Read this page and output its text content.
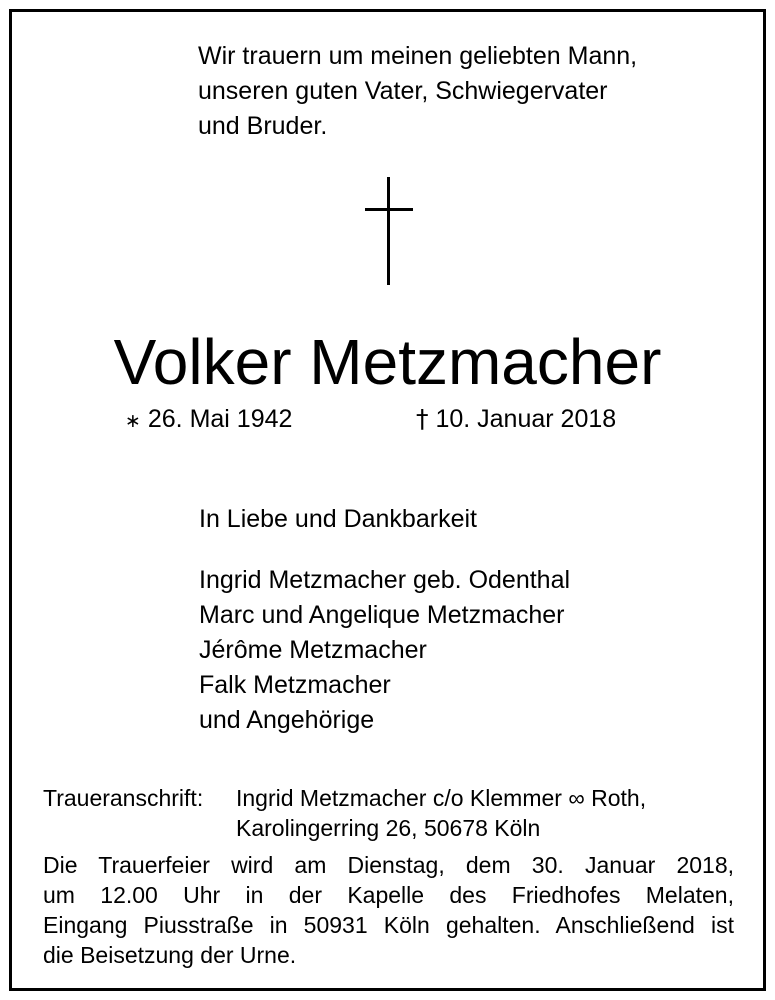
Wir trauern um meinen geliebten Mann,
unseren guten Vater, Schwiegervater
und Bruder.
Volker Metzmacher
∗ 26. Mai 1942	† 10. Januar 2018
In Liebe und Dankbarkeit
Ingrid Metzmacher geb. Odenthal
Marc und Angelique Metzmacher
Jérôme Metzmacher
Falk Metzmacher
und Angehörige
Traueranschrift:	Ingrid Metzmacher c/o Klemmer ∞ Roth,
Karolingerring 26, 50678 Köln
Die Trauerfeier wird am Dienstag, dem 30. Januar 2018,
um 12.00 Uhr in der Kapelle des Friedhofes Melaten,
Eingang Piusstraße in 50931 Köln gehalten. Anschließend ist
die Beisetzung der Urne.
